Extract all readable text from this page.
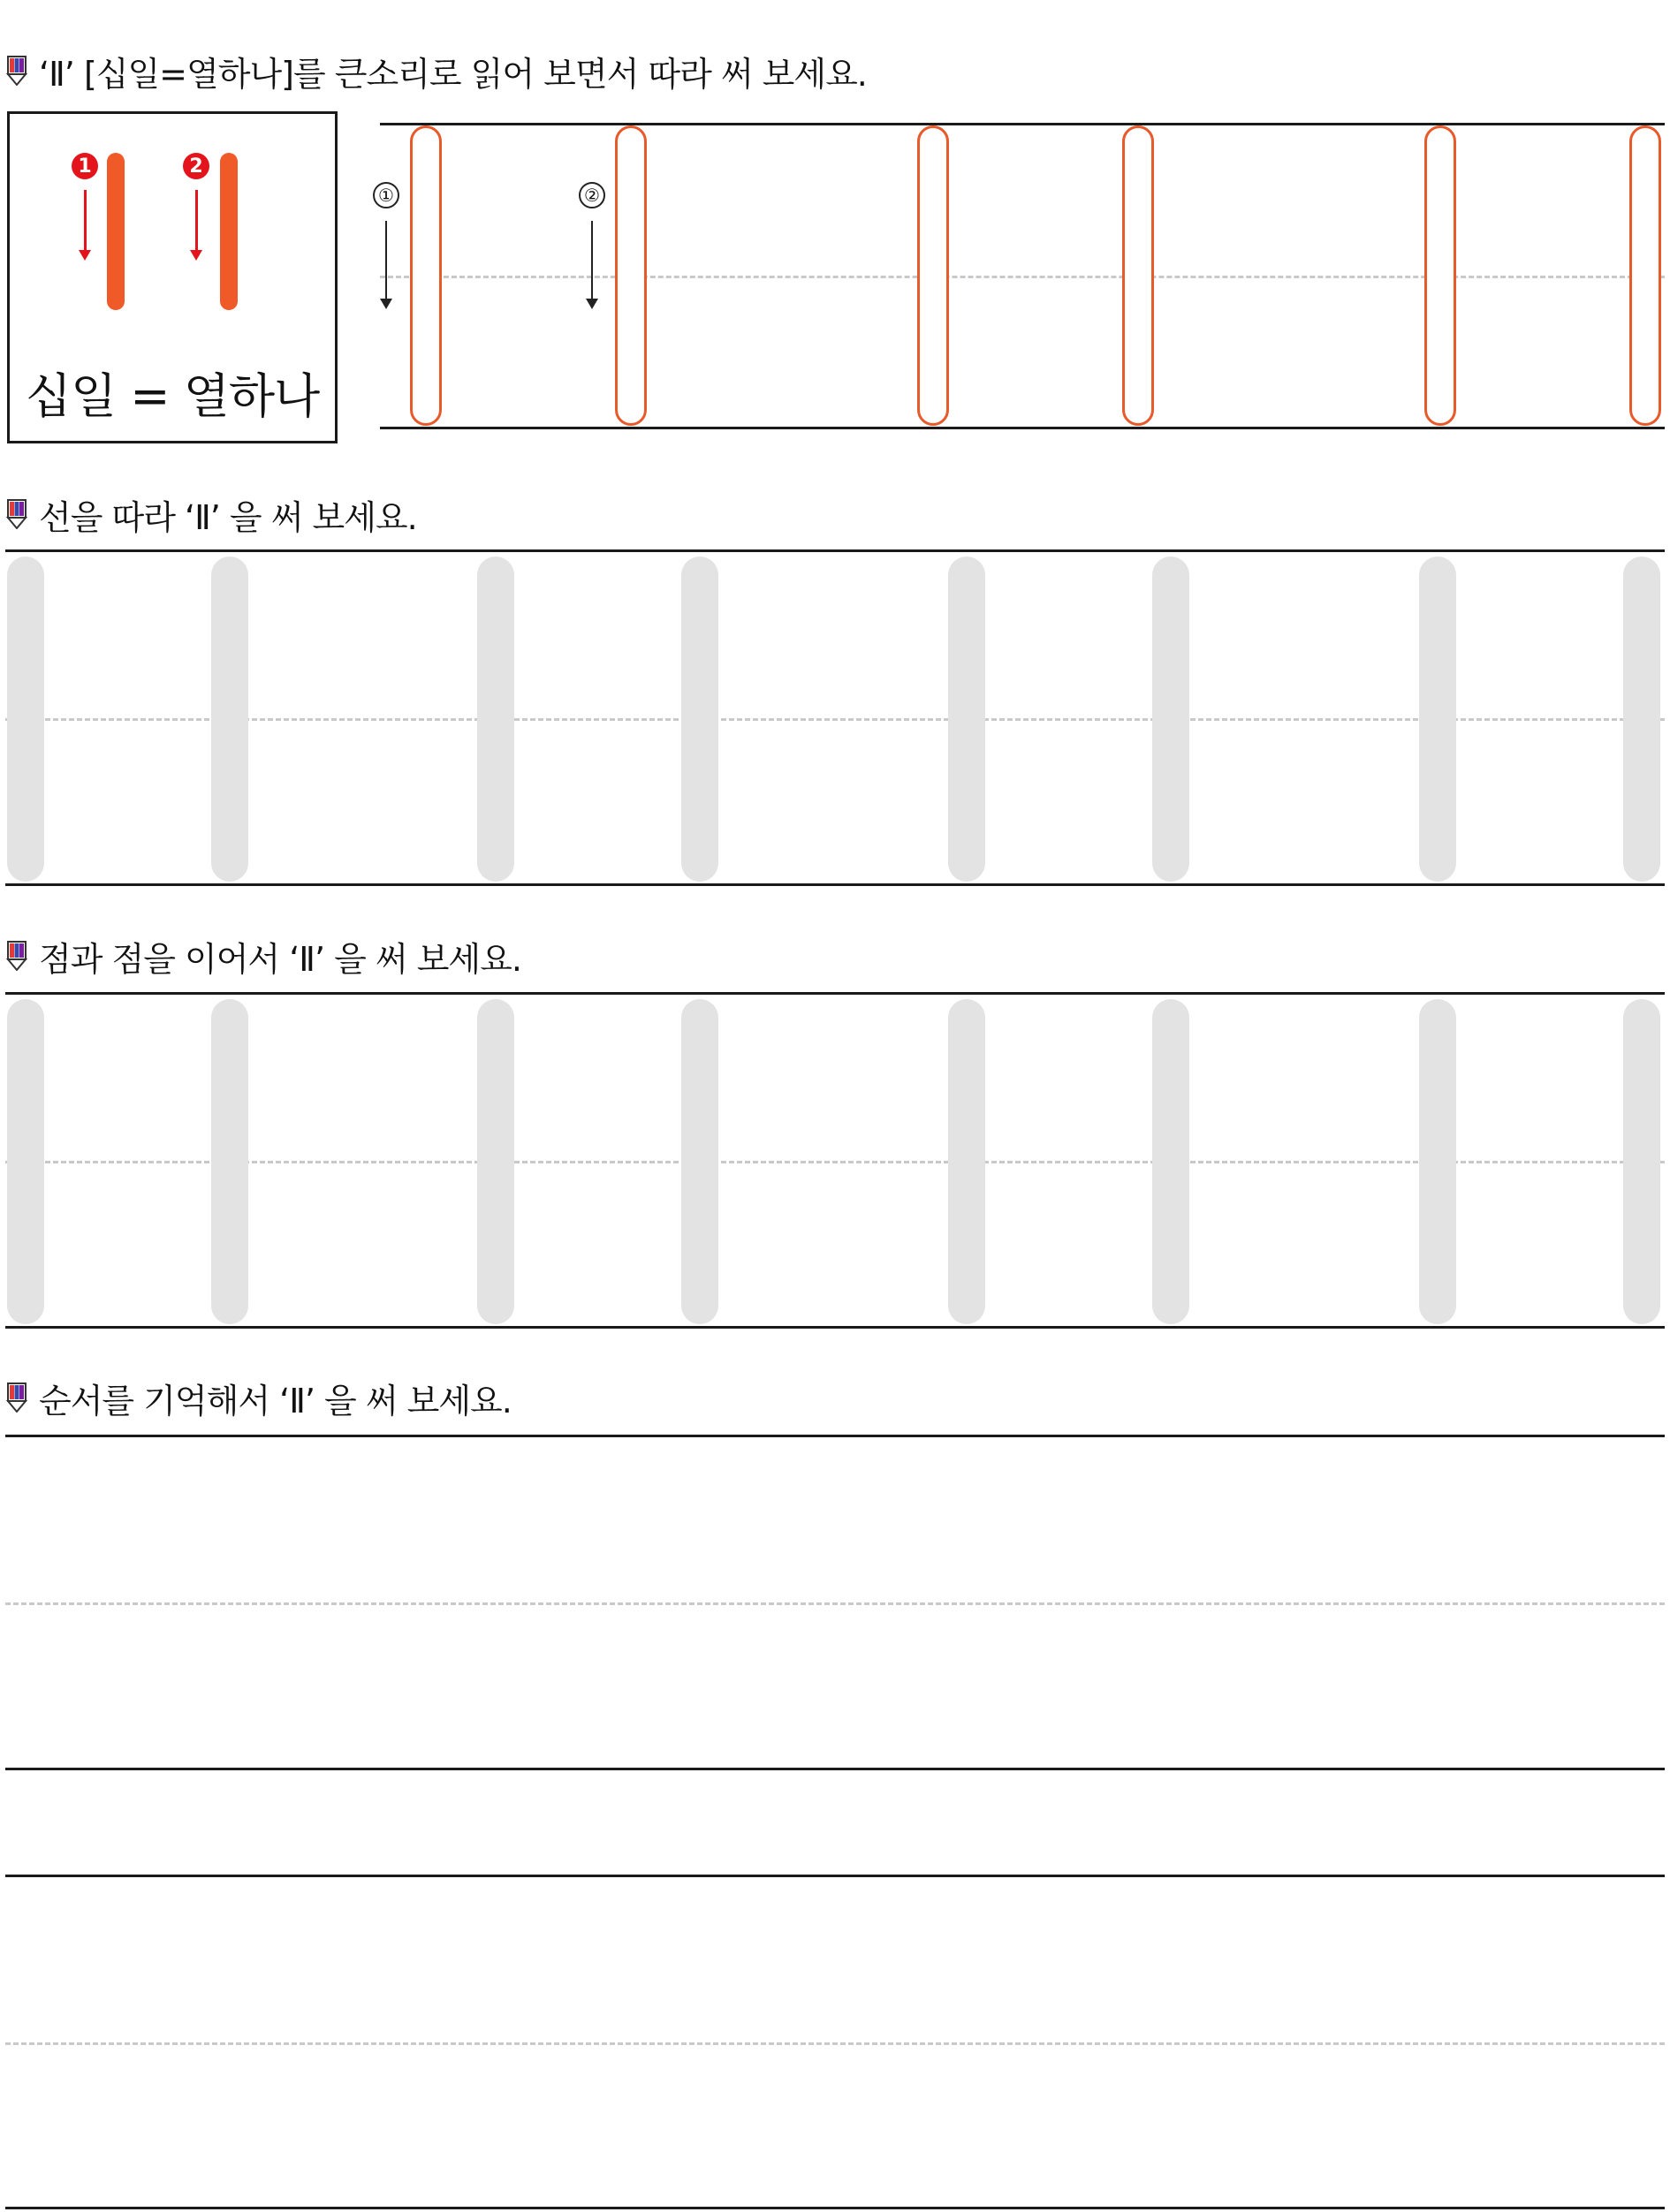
‘Ⅱ’ [십일=열하나]를 큰소리로 읽어 보면서 따라 써 보세요.
1	2
십일 = 열하나
①	②
선을 따라 ‘Ⅱ’ 을 써 보세요.
점과 점을 이어서 ‘Ⅱ’ 을 써 보세요.
순서를 기억해서 ‘Ⅱ’ 을 써 보세요.
